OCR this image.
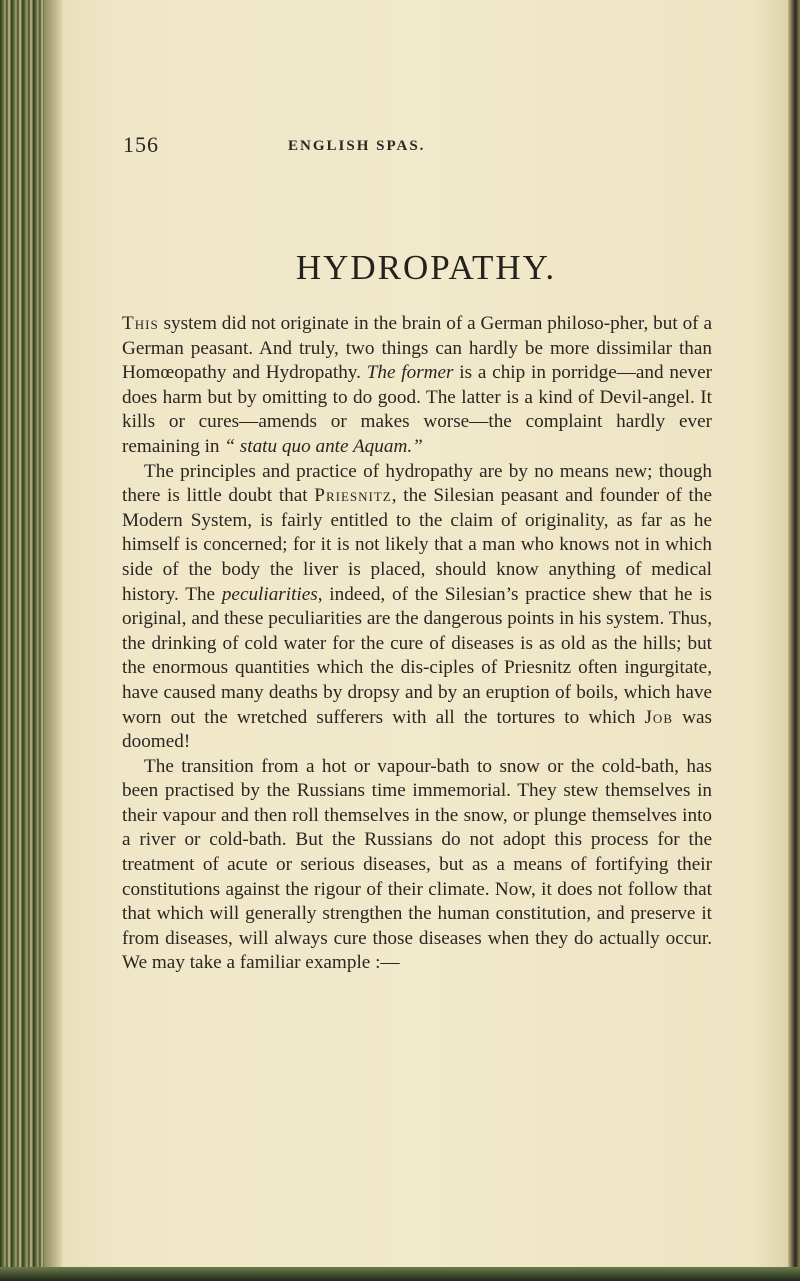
156	ENGLISH SPAS.
HYDROPATHY.

This system did not originate in the brain of a German philoso-pher, but of a German peasant. And truly, two things can hardly be more dissimilar than Homœopathy and Hydropathy. The former is a chip in porridge—and never does harm but by omitting to do good. The latter is a kind of Devil-angel. It kills or cures—amends or makes worse—the complaint hardly ever remaining in “ statu quo ante Aquam.”

The principles and practice of hydropathy are by no means new; though there is little doubt that Priesnitz, the Silesian peasant and founder of the Modern System, is fairly entitled to the claim of originality, as far as he himself is concerned; for it is not likely that a man who knows not in which side of the body the liver is placed, should know anything of medical history. The peculiarities, indeed, of the Silesian’s practice shew that he is original, and these peculiarities are the dangerous points in his system. Thus, the drinking of cold water for the cure of diseases is as old as the hills; but the enormous quantities which the dis-ciples of Priesnitz often ingurgitate, have caused many deaths by dropsy and by an eruption of boils, which have worn out the wretched sufferers with all the tortures to which Job was doomed!

The transition from a hot or vapour-bath to snow or the cold-bath, has been practised by the Russians time immemorial. They stew themselves in their vapour and then roll themselves in the snow, or plunge themselves into a river or cold-bath. But the Russians do not adopt this process for the treatment of acute or serious diseases, but as a means of fortifying their constitutions against the rigour of their climate. Now, it does not follow that that which will generally strengthen the human constitution, and preserve it from diseases, will always cure those diseases when they do actually occur. We may take a familiar example :—
